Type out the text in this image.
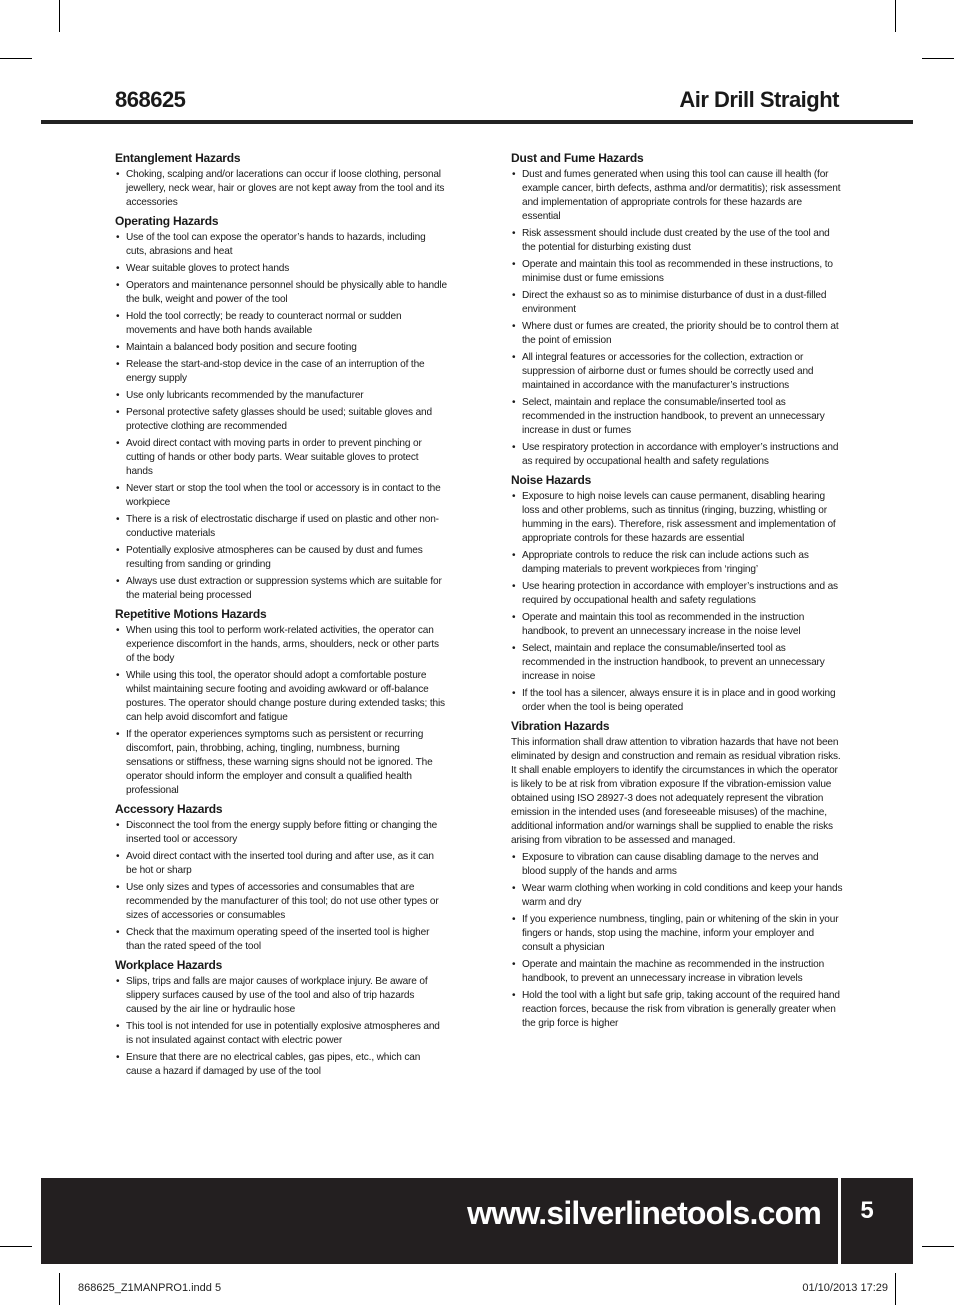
868625	Air Drill Straight
Entanglement Hazards
• Choking, scalping and/or lacerations can occur if loose clothing, personal jewellery, neck wear, hair or gloves are not kept away from the tool and its accessories
Operating Hazards
• Use of the tool can expose the operator’s hands to hazards, including cuts, abrasions and heat
• Wear suitable gloves to protect hands
• Operators and maintenance personnel should be physically able to handle the bulk, weight and power of the tool
• Hold the tool correctly; be ready to counteract normal or sudden movements and have both hands available
• Maintain a balanced body position and secure footing
• Release the start-and-stop device in the case of an interruption of the energy supply
• Use only lubricants recommended by the manufacturer
• Personal protective safety glasses should be used; suitable gloves and protective clothing are recommended
• Avoid direct contact with moving parts in order to prevent pinching or cutting of hands or other body parts. Wear suitable gloves to protect hands
• Never start or stop the tool when the tool or accessory is in contact to the workpiece
• There is a risk of electrostatic discharge if used on plastic and other non-conductive materials
• Potentially explosive atmospheres can be caused by dust and fumes resulting from sanding or grinding
• Always use dust extraction or suppression systems which are suitable for the material being processed
Repetitive Motions Hazards
• When using this tool to perform work-related activities, the operator can experience discomfort in the hands, arms, shoulders, neck or other parts of the body
• While using this tool, the operator should adopt a comfortable posture whilst maintaining secure footing and avoiding awkward or off-balance postures. The operator should change posture during extended tasks; this can help avoid discomfort and fatigue
• If the operator experiences symptoms such as persistent or recurring discomfort, pain, throbbing, aching, tingling, numbness, burning sensations or stiffness, these warning signs should not be ignored. The operator should inform the employer and consult a qualified health professional
Accessory Hazards
• Disconnect the tool from the energy supply before fitting or changing the inserted tool or accessory
• Avoid direct contact with the inserted tool during and after use, as it can be hot or sharp
• Use only sizes and types of accessories and consumables that are recommended by the manufacturer of this tool; do not use other types or sizes of accessories or consumables
• Check that the maximum operating speed of the inserted tool is higher than the rated speed of the tool
Workplace Hazards
• Slips, trips and falls are major causes of workplace injury. Be aware of slippery surfaces caused by use of the tool and also of trip hazards caused by the air line or hydraulic hose
• This tool is not intended for use in potentially explosive atmospheres and is not insulated against contact with electric power
• Ensure that there are no electrical cables, gas pipes, etc., which can cause a hazard if damaged by use of the tool
Dust and Fume Hazards
• Dust and fumes generated when using this tool can cause ill health (for example cancer, birth defects, asthma and/or dermatitis); risk assessment and implementation of appropriate controls for these hazards are essential
• Risk assessment should include dust created by the use of the tool and the potential for disturbing existing dust
• Operate and maintain this tool as recommended in these instructions, to minimise dust or fume emissions
• Direct the exhaust so as to minimise disturbance of dust in a dust-filled environment
• Where dust or fumes are created, the priority should be to control them at the point of emission
• All integral features or accessories for the collection, extraction or suppression of airborne dust or fumes should be correctly used and maintained in accordance with the manufacturer’s instructions
• Select, maintain and replace the consumable/inserted tool as recommended in the instruction handbook, to prevent an unnecessary increase in dust or fumes
• Use respiratory protection in accordance with employer’s instructions and as required by occupational health and safety regulations
Noise Hazards
• Exposure to high noise levels can cause permanent, disabling hearing loss and other problems, such as tinnitus (ringing, buzzing, whistling or humming in the ears). Therefore, risk assessment and implementation of appropriate controls for these hazards are essential
• Appropriate controls to reduce the risk can include actions such as damping materials to prevent workpieces from ‘ringing’
• Use hearing protection in accordance with employer’s instructions and as required by occupational health and safety regulations
• Operate and maintain this tool as recommended in the instruction handbook, to prevent an unnecessary increase in the noise level
• Select, maintain and replace the consumable/inserted tool as recommended in the instruction handbook, to prevent an unnecessary increase in noise
• If the tool has a silencer, always ensure it is in place and in good working order when the tool is being operated
Vibration Hazards

This information shall draw attention to vibration hazards that have not been eliminated by design and construction and remain as residual vibration risks. It shall enable employers to identify the circumstances in which the operator is likely to be at risk from vibration exposure If the vibration-emission value obtained using ISO 28927-3 does not adequately represent the vibration emission in the intended uses (and foreseeable misuses) of the machine, additional information and/or warnings shall be supplied to enable the risks arising from vibration to be assessed and managed.

• Exposure to vibration can cause disabling damage to the nerves and blood supply of the hands and arms
• Wear warm clothing when working in cold conditions and keep your hands warm and dry
• If you experience numbness, tingling, pain or whitening of the skin in your fingers or hands, stop using the machine, inform your employer and consult a physician
• Operate and maintain the machine as recommended in the instruction handbook, to prevent an unnecessary increase in vibration levels
• Hold the tool with a light but safe grip, taking account of the required hand reaction forces, because the risk from vibration is generally greater when the grip force is higher
www.silverlinetools.com	5
868625_Z1MANPRO1.indd 5	01/10/2013 17:29
